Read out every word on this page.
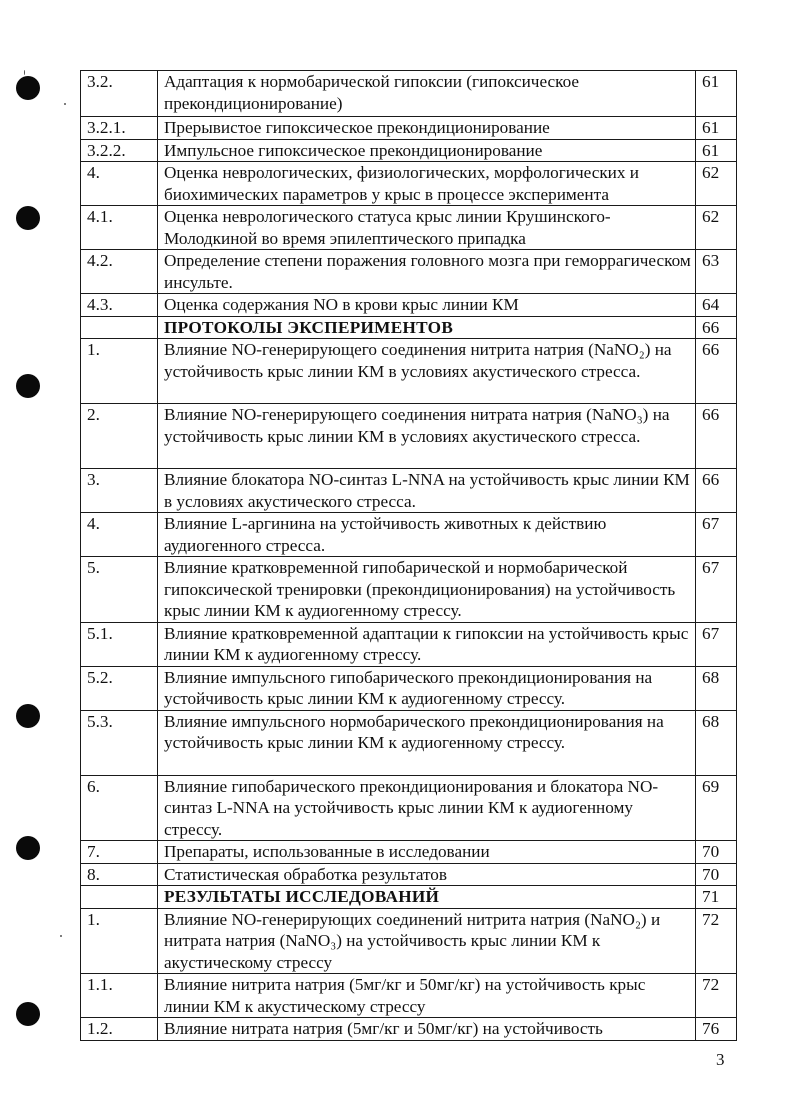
3.2.	Адаптация к нормобарической гипоксии (гипоксическое прекондиционирование)	61
3.2.1.	Прерывистое гипоксическое прекондиционирование	61
3.2.2.	Импульсное гипоксическое прекондиционирование	61
4.	Оценка неврологических, физиологических, морфологических и биохимических параметров у крыс в процессе эксперимента	62
4.1.	Оценка неврологического статуса крыс линии Крушинского-Молодкиной во время эпилептического припадка	62
4.2.	Определение степени поражения головного мозга при геморрагическом инсульте.	63
4.3.	Оценка содержания NO в крови крыс линии КМ	64
	ПРОТОКОЛЫ ЭКСПЕРИМЕНТОВ	66
1.	Влияние NO-генерирующего соединения нитрита натрия (NaNO₂) на устойчивость крыс линии КМ в условиях акустического стресса.	66
2.	Влияние NO-генерирующего соединения нитрата натрия (NaNO₃) на устойчивость крыс линии КМ в условиях акустического стресса.	66
3.	Влияние блокатора NO-синтаз L-NNA на устойчивость крыс линии КМ в условиях акустического стресса.	66
4.	Влияние L-аргинина на устойчивость животных к действию аудиогенного стресса.	67
5.	Влияние кратковременной гипобарической и нормобарической гипоксической тренировки (прекондиционирования) на устойчивость крыс линии КМ к аудиогенному стрессу.	67
5.1.	Влияние кратковременной адаптации к гипоксии на устойчивость крыс линии КМ к аудиогенному стрессу.	67
5.2.	Влияние импульсного гипобарического прекондиционирования на устойчивость крыс линии КМ к аудиогенному стрессу.	68
5.3.	Влияние импульсного нормобарического прекондиционирования на устойчивость крыс линии КМ к аудиогенному стрессу.	68
6.	Влияние гипобарического прекондиционирования и блокатора NO-синтаз L-NNA на устойчивость крыс линии КМ к аудиогенному стрессу.	69
7.	Препараты, использованные в исследовании	70
8.	Статистическая обработка результатов	70
	РЕЗУЛЬТАТЫ ИССЛЕДОВАНИЙ	71
1.	Влияние NO-генерирующих соединений нитрита натрия (NaNO₂) и нитрата натрия (NaNO₃) на устойчивость крыс линии КМ к акустическому стрессу	72
1.1.	Влияние нитрита натрия (5мг/кг и 50мг/кг) на устойчивость крыс линии КМ к акустическому стрессу	72
1.2.	Влияние нитрата натрия (5мг/кг и 50мг/кг) на устойчивость	76
3
